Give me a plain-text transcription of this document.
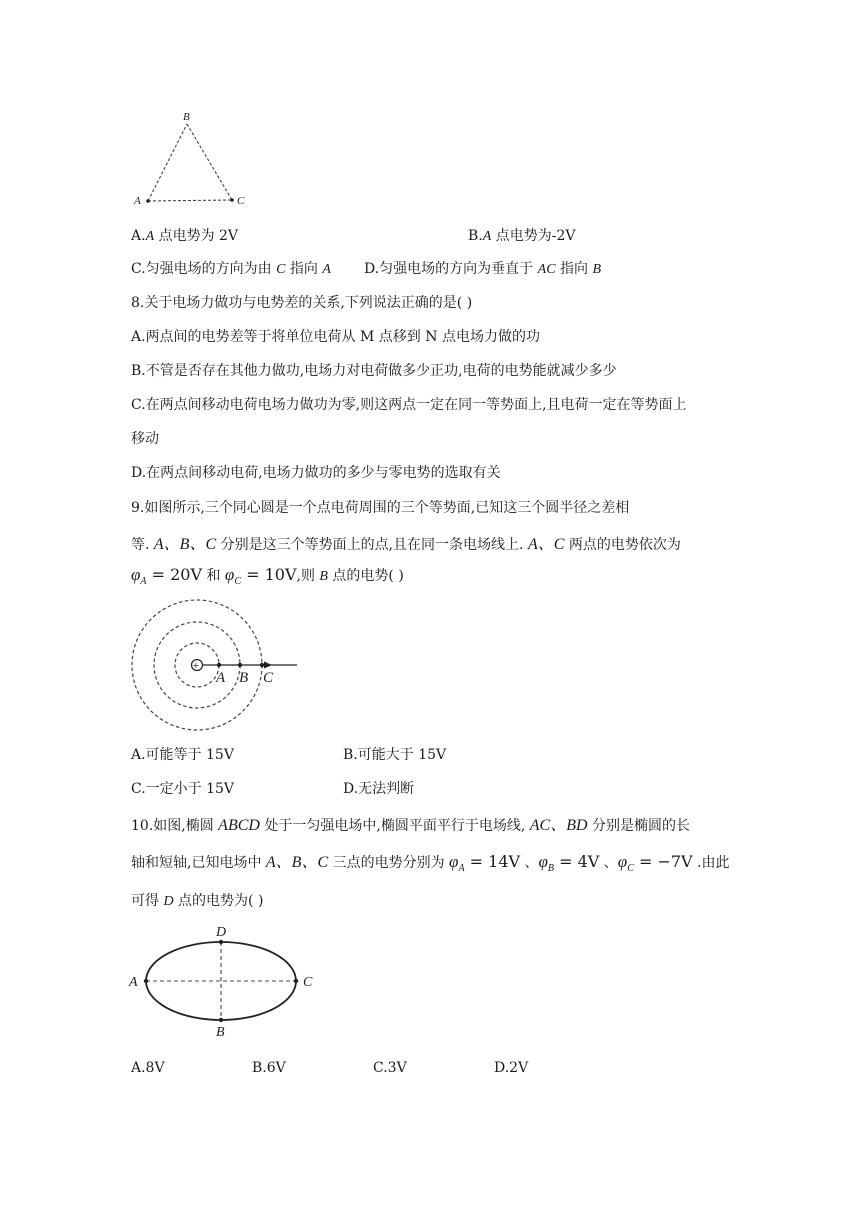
B
A	C
A.A 点电势为 2V	B.A 点电势为-2V
C.匀强电场的方向为由 C 指向 A D.匀强电场的方向为垂直于 AC 指向 B
8.关于电场力做功与电势差的关系,下列说法正确的是( )
A.两点间的电势差等于将单位电荷从 M 点移到 N 点电场力做的功
B.不管是否存在其他力做功,电场力对电荷做多少正功,电荷的电势能就减少多少
C.在两点间移动电荷电场力做功为零,则这两点一定在同一等势面上,且电荷一定在等势面上
移动
D.在两点间移动电荷,电场力做功的多少与零电势的选取有关
9.如图所示,三个同心圆是一个点电荷周围的三个等势面,已知这三个圆半径之差相
等. A、B、C 分别是这三个等势面上的点,且在同一条电场线上. A、C 两点的电势依次为
$\varphi_A = 20V$ 和 $\varphi_C = 10V$,则 B 点的电势( )
+
A B C
A.可能等于 15V	B.可能大于 15V
C.一定小于 15V	D.无法判断
10.如图,椭圆 ABCD 处于一匀强电场中,椭圆平面平行于电场线, AC、BD 分别是椭圆的长
轴和短轴,已知电场中 A、B、C 三点的电势分别为 $\varphi_A = 14V$ 、$\varphi_B = 4V$ 、$\varphi_C = -7V$ .由此
可得 D 点的电势为( )
D
A	C
B
A.8V	B.6V	C.3V	D.2V
